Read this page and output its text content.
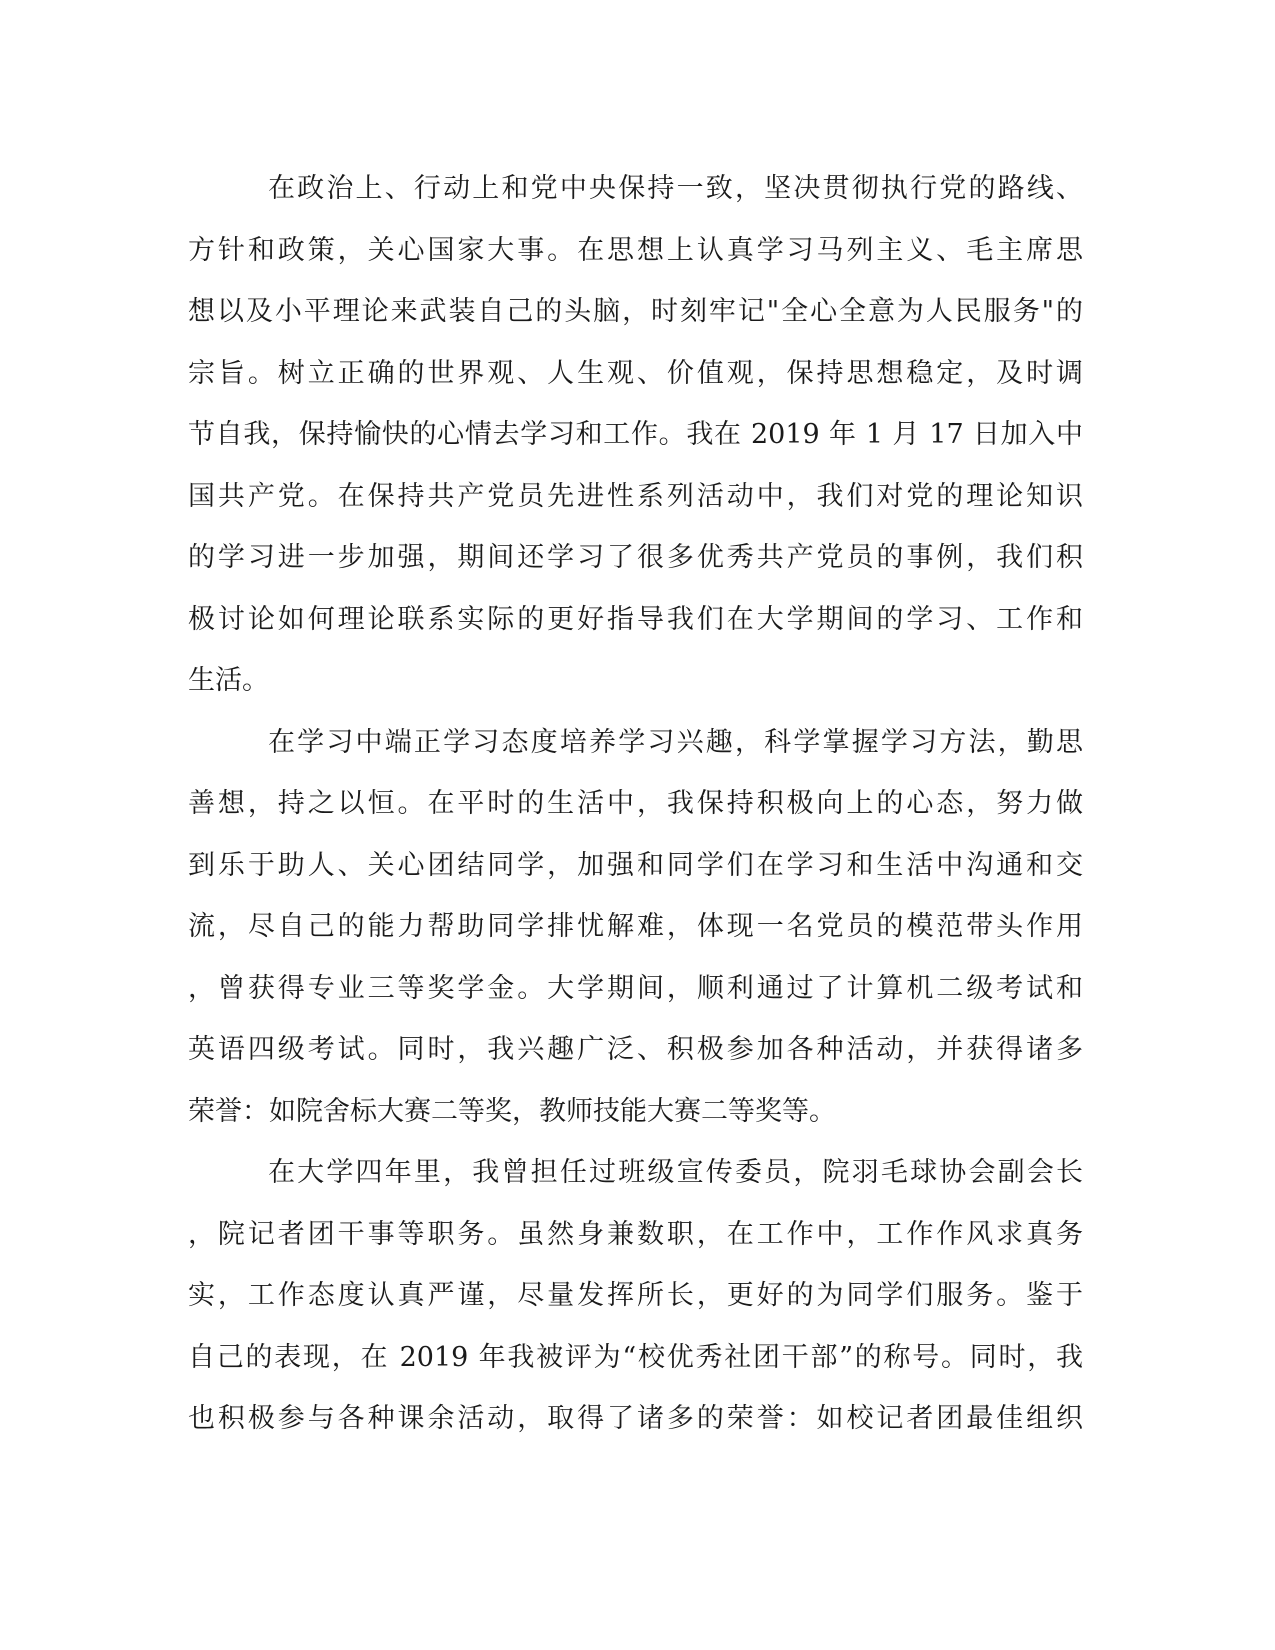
在政治上、行动上和党中央保持一致，坚决贯彻执行党的路线、
方针和政策，关心国家大事。在思想上认真学习马列主义、毛主席思
想以及小平理论来武装自己的头脑，时刻牢记"全心全意为人民服务"的
宗旨。树立正确的世界观、人生观、价值观，保持思想稳定，及时调
节自我，保持愉快的心情去学习和工作。我在 2019 年 1 月 17 日加入中
国共产党。在保持共产党员先进性系列活动中，我们对党的理论知识
的学习进一步加强，期间还学习了很多优秀共产党员的事例，我们积
极讨论如何理论联系实际的更好指导我们在大学期间的学习、工作和
生活。
在学习中端正学习态度培养学习兴趣，科学掌握学习方法，勤思
善想，持之以恒。在平时的生活中，我保持积极向上的心态，努力做
到乐于助人、关心团结同学，加强和同学们在学习和生活中沟通和交
流，尽自己的能力帮助同学排忧解难，体现一名党员的模范带头作用
，曾获得专业三等奖学金。大学期间，顺利通过了计算机二级考试和
英语四级考试。同时，我兴趣广泛、积极参加各种活动，并获得诸多
荣誉：如院舍标大赛二等奖，教师技能大赛二等奖等。
在大学四年里，我曾担任过班级宣传委员，院羽毛球协会副会长
，院记者团干事等职务。虽然身兼数职，在工作中，工作作风求真务
实，工作态度认真严谨，尽量发挥所长，更好的为同学们服务。鉴于
自己的表现，在 2019 年我被评为“校优秀社团干部”的称号。同时，我
也积极参与各种课余活动，取得了诸多的荣誉：如校记者团最佳组织
